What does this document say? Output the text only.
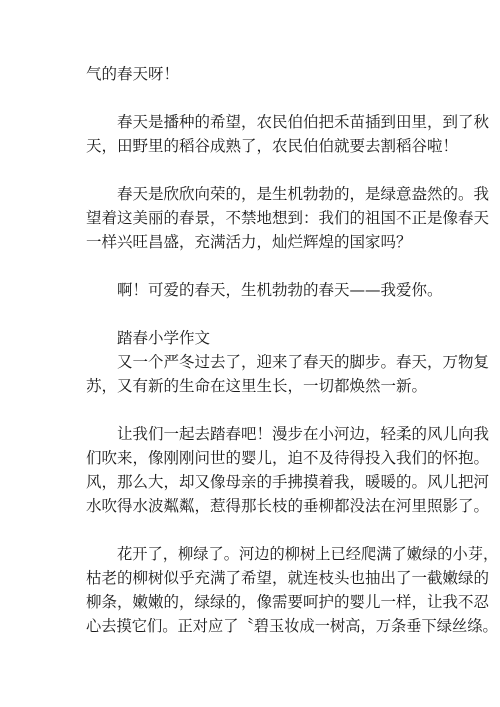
气的春天呀！
春天是播种的希望，农民伯伯把禾苗插到田里，到了秋
天，田野里的稻谷成熟了，农民伯伯就要去割稻谷啦！
春天是欣欣向荣的，是生机勃勃的，是绿意盎然的。我
望着这美丽的春景，不禁地想到：我们的祖国不正是像春天
一样兴旺昌盛，充满活力，灿烂辉煌的国家吗？
啊！可爱的春天，生机勃勃的春天——我爱你。
踏春小学作文
又一个严冬过去了，迎来了春天的脚步。春天，万物复
苏，又有新的生命在这里生长，一切都焕然一新。
让我们一起去踏春吧！漫步在小河边，轻柔的风儿向我
们吹来，像刚刚问世的婴儿，迫不及待得投入我们的怀抱。
风，那么大，却又像母亲的手拂摸着我，暖暖的。风儿把河
水吹得水波粼粼，惹得那长枝的垂柳都没法在河里照影了。
花开了，柳绿了。河边的柳树上已经爬满了嫩绿的小芽，
枯老的柳树似乎充满了希望，就连枝头也抽出了一截嫩绿的
柳条，嫩嫩的，绿绿的，像需要呵护的婴儿一样，让我不忍
心去摸它们。正对应了〝碧玉妆成一树高，万条垂下绿丝绦。
